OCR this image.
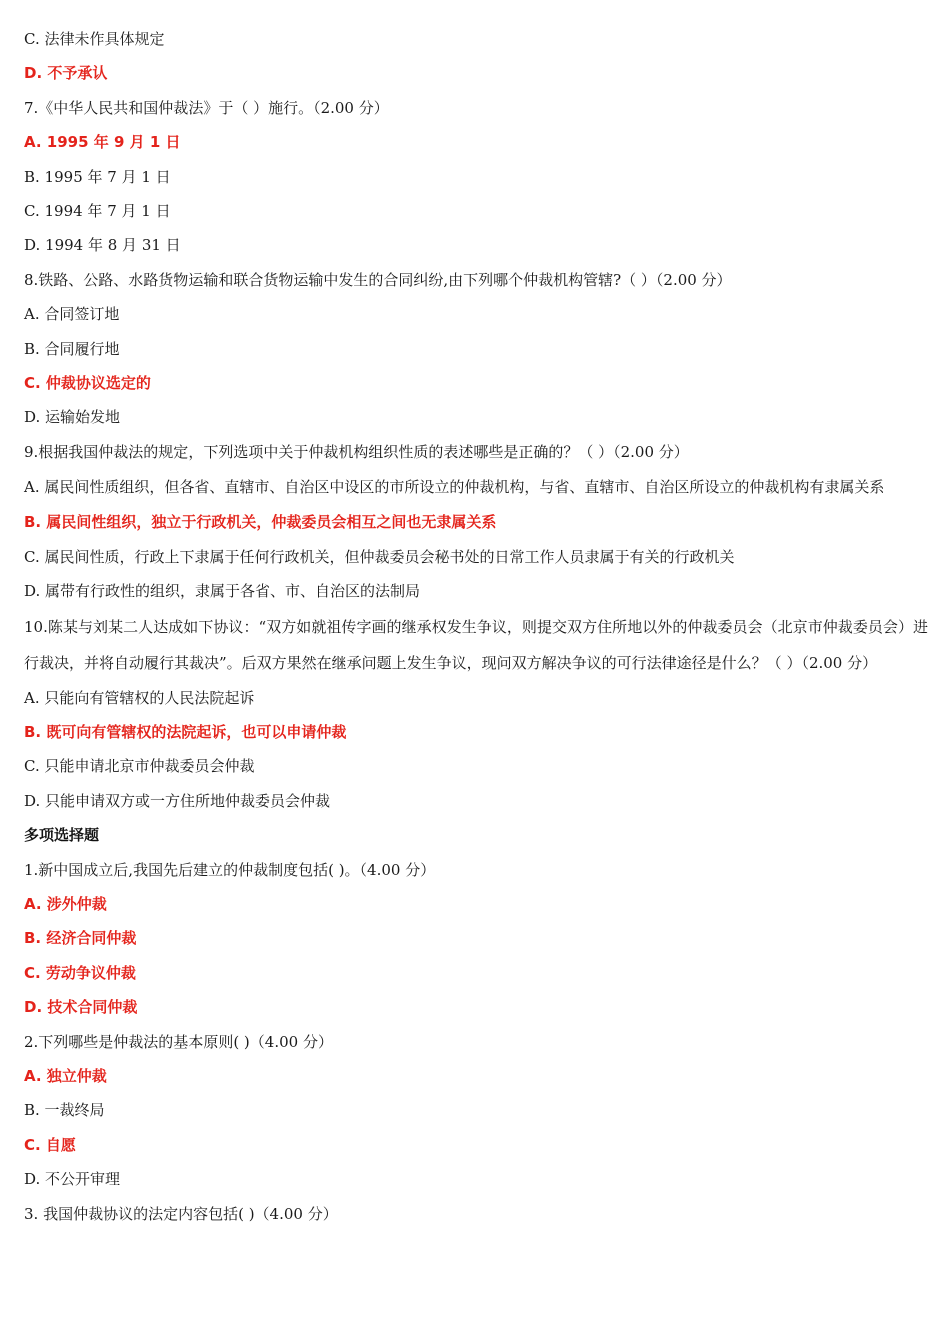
C. 法律未作具体规定
D. 不予承认
7.《中华人民共和国仲裁法》于（ ）施行。（2.00 分）
A. 1995 年 9 月 1 日
B. 1995 年 7 月 1 日
C. 1994 年 7 月 1 日
D. 1994 年 8 月 31 日
8.铁路、公路、水路货物运输和联合货物运输中发生的合同纠纷,由下列哪个仲裁机构管辖?（ ）（2.00 分）
A. 合同签订地
B. 合同履行地
C. 仲裁协议选定的
D. 运输始发地
9.根据我国仲裁法的规定，下列选项中关于仲裁机构组织性质的表述哪些是正确的？（ ）（2.00 分）
A. 属民间性质组织，但各省、直辖市、自治区中设区的市所设立的仲裁机构，与省、直辖市、自治区所设立的仲裁机构有隶属关系
B. 属民间性组织，独立于行政机关，仲裁委员会相互之间也无隶属关系
C. 属民间性质，行政上下隶属于任何行政机关，但仲裁委员会秘书处的日常工作人员隶属于有关的行政机关
D. 属带有行政性的组织，隶属于各省、市、自治区的法制局
10.陈某与刘某二人达成如下协议：“双方如就祖传字画的继承权发生争议，则提交双方住所地以外的仲裁委员会（北京市仲裁委员会）进行裁决，并将自动履行其裁决”。后双方果然在继承问题上发生争议，现问双方解决争议的可行法律途径是什么？（ ）（2.00 分）
A. 只能向有管辖权的人民法院起诉
B. 既可向有管辖权的法院起诉，也可以申请仲裁
C. 只能申请北京市仲裁委员会仲裁
D. 只能申请双方或一方住所地仲裁委员会仲裁
多项选择题
1.新中国成立后,我国先后建立的仲裁制度包括( )。（4.00 分）
A. 涉外仲裁
B. 经济合同仲裁
C. 劳动争议仲裁
D. 技术合同仲裁
2.下列哪些是仲裁法的基本原则( )（4.00 分）
A. 独立仲裁
B. 一裁终局
C. 自愿
D. 不公开审理
3. 我国仲裁协议的法定内容包括( )（4.00 分）
